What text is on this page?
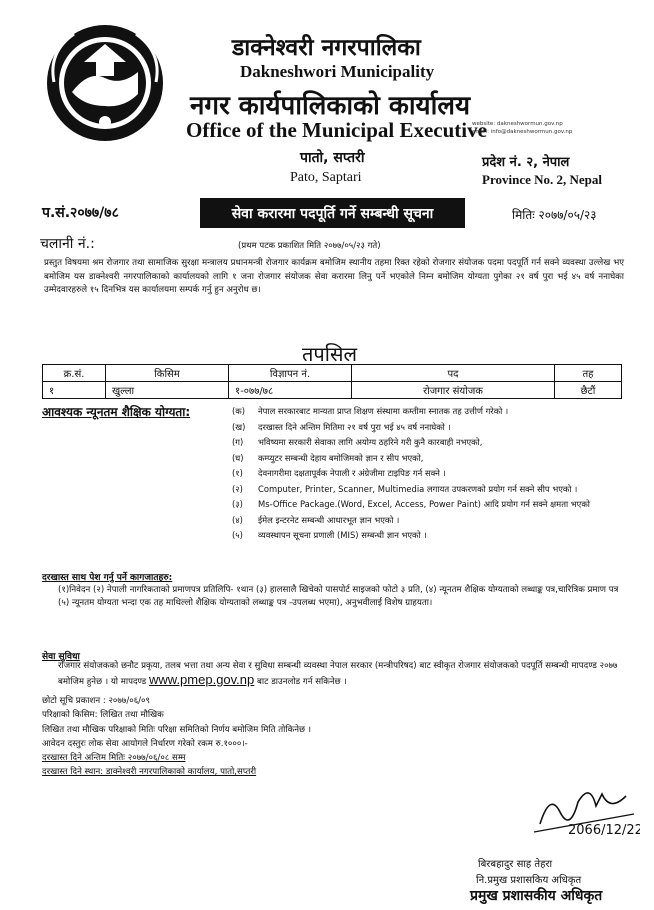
डाक्नेश्वरी नगरपालिका
Dakneshwori Municipality
नगर कार्यपालिकाको कार्यालय
Office of the Municipal Executive
website: dakneshwormun.gov.np
email: info@dakneshwormun.gov.np
पातो, सप्तरी
Pato, Saptari
प्रदेश नं. २, नेपाल
Province No. 2, Nepal
प.सं.२०७७/७८	सेवा करारमा पदपूर्ति गर्ने सम्बन्धी सूचना	मितिः २०७७/०५/२३
चलानी नं.:	(प्रथम पटक प्रकाशित मिति २०७७/०५/२३ गते)
प्रस्तुत विषयमा श्रम रोजगार तथा सामाजिक सुरक्षा मन्त्रालय प्रधानमन्त्री रोजगार कार्यक्रम बमोजिम स्थानीय तहमा रिक्त रहेको रोजगार संयोजक पदमा पदपूर्ति गर्न सक्ने व्यवस्था उल्लेख भए बमोजिम यस डाक्नेश्वरी नगरपालिकाको कार्यालयको लागि १ जना रोजगार संयोजक सेवा करारमा लिनु पर्ने भएकोले निम्न बमोजिम योग्यता पुगेका २१ वर्ष पुरा भई ४५ वर्ष ननाघेका उम्मेदवारहरुले १५ दिनभित्र यस कार्यालयमा सम्पर्क गर्नु हुन अनुरोध छ।
तपसिल
क्र.सं.	किसिम	विज्ञापन नं.	पद	तह
१	खुल्ला	१-०७७/७८	रोजगार संयोजक	छैटौं
आवश्यक न्यूनतम शैक्षिक योग्यता:	(क)	नेपाल सरकारबाट मान्यता प्राप्त शिक्षण संस्थामा कम्तीमा स्नातक तह उत्तीर्ण गरेको ।
(ख)	दरखास्त दिने अन्तिम मितिमा २१ वर्ष पुरा भई ४५ वर्ष ननाघेको ।
(ग)	भविष्यमा सरकारी सेवाका लागि अयोग्य ठहरिने गरी कुनै कारबाही नभएको,
(घ)	कम्प्युटर सम्बन्धी देहाय बमोजिमको ज्ञान र सीप भएको,
(१)	देवनागरीमा दक्षतापूर्वक नेपाली र अंग्रेजीमा टाइपिङ गर्न सक्ने ।
(२)	Computer, Printer, Scanner, Multimedia लगायत उपकरणको प्रयोग गर्न सक्ने सीप भएको ।
(३)	Ms-Office Package.(Word, Excel, Access, Power Paint) आदि प्रयोग गर्न सक्ने क्षमता भएको
(४)	ईमेल इन्टरनेट सम्बन्धी आधारभूत ज्ञान भएको ।
(५)	व्यवस्थापन सूचना प्रणाली (MIS) सम्बन्धी ज्ञान भएको ।
दरखास्त साथ पेश गर्नु पर्ने कागजातहरु:
(१)निवेदन (२) नेपाली नागरिकताको प्रमाणपत्र प्रतिलिपि- १थान (३) हालसालै खिचेको पासपोर्ट साइजको फोटो ३ प्रति, (४) न्यूनतम शैक्षिक योग्यताको लब्धाङ्क पत्र,चारित्रिक प्रमाण पत्र (५) न्यूनतम योग्यता भन्दा एक तह माथिल्लो शैक्षिक योग्यताको लब्धाङ्क पत्र -उपलब्ध भएमा), अनुभवीलाई विशेष ग्राहयता।
सेवा सुविधा
रोजगार संयोजकको छनौट प्रकृया, तलब भत्ता तथा अन्य सेवा र सुविधा सम्बन्धी व्यवस्था नेपाल सरकार (मन्त्रीपरिषद) बाट स्वीकृत रोजगार संयोजकको पदपूर्ति सम्बन्धी मापदण्ड २०७७ बमोजिम हुनेछ । यो मापदण्ड www.pmep.gov.np बाट डाउनलोड गर्न सकिनेछ ।
छोटो सूचि प्रकाशन : २०७७/०६/०९
परिक्षाको किसिम: लिखित तथा मौखिक
लिखित तथा मौखिक परिक्षाको मितिः परिक्षा समितिको निर्णय बमोजिम मिति तोकिनेछ ।
आवेदन दस्तुरः लोक सेवा आयोगले निर्धारण गरेको रकम रु.१०००।-
दरखास्त दिने अन्तिम मितिः २०७७/०६/०८ सम्म
दरखास्त दिने स्थान: डाक्नेश्वरी नगरपालिकाको कार्यालय, पातो,सप्तरी
2066/12/22
बिरबहादुर साह तेहरा
नि.प्रमुख प्रशासकिय अधिकृत
प्रमुख प्रशासकीय अधिकृत
